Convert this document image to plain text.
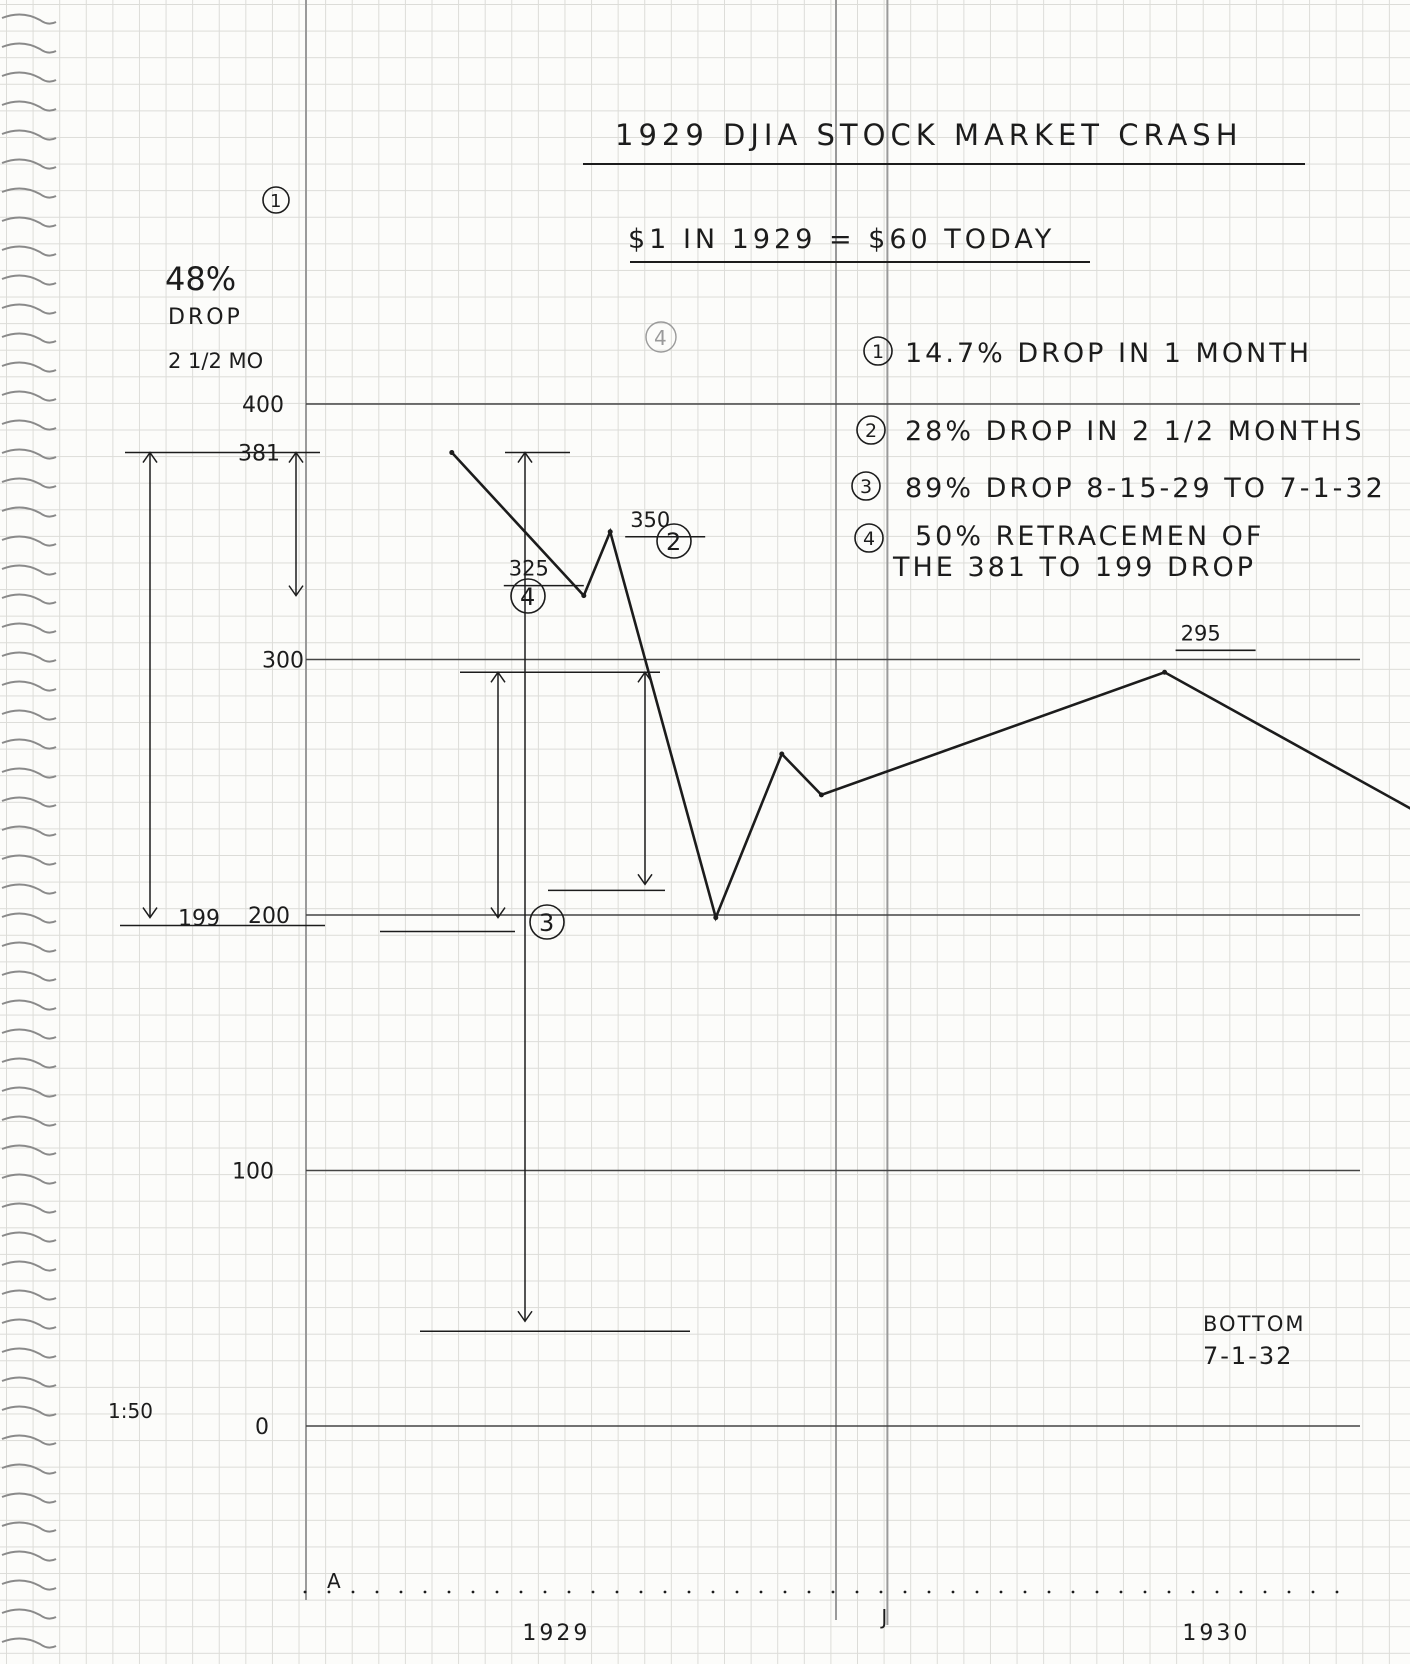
0
100
200
300
400
381
199
325
350
295
A
J
1929	1930
1929 DJIA STOCK MARKET CRASH
$1 IN 1929 = $60 TODAY
1 14.7% DROP IN 1 MONTH
2 28% DROP IN 2 1/2 MONTHS
3 89% DROP 8-15-29 TO 7-1-32
4 50% RETRACEMEN OF
THE 381 TO 199 DROP
48%
DROP
2 1/2 MO
1
2
3
4
4
BOTTOM
7-1-32
1:50
